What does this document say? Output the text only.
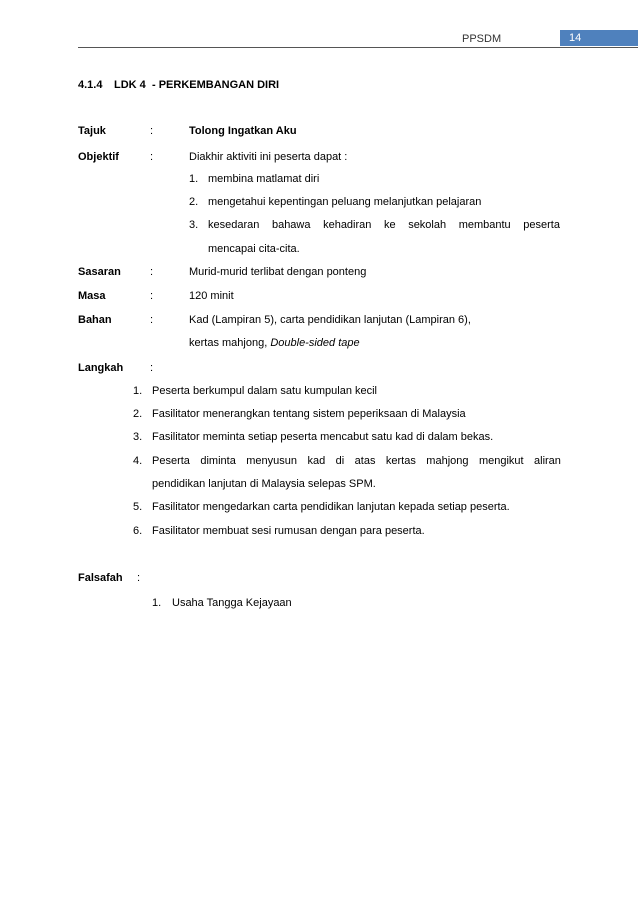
PPSDM	14
4.1.4 LDK 4 - PERKEMBANGAN DIRI
Tajuk	:	Tolong Ingatkan Aku
Objektif	:	Diakhir aktiviti ini peserta dapat :
1. membina matlamat diri
2. mengetahui kepentingan peluang melanjutkan pelajaran
3. kesedaran bahawa kehadiran ke sekolah membantu peserta
mencapai cita-cita.
Sasaran	:	Murid-murid terlibat dengan ponteng
Masa	:	120 minit
Bahan	:	Kad (Lampiran 5), carta pendidikan lanjutan (Lampiran 6),
kertas mahjong, Double-sided tape
Langkah :
1. Peserta berkumpul dalam satu kumpulan kecil
2. Fasilitator menerangkan tentang sistem peperiksaan di Malaysia
3. Fasilitator meminta setiap peserta mencabut satu kad di dalam bekas.
4. Peserta diminta menyusun kad di atas kertas mahjong mengikut aliran
pendidikan lanjutan di Malaysia selepas SPM.
5. Fasilitator mengedarkan carta pendidikan lanjutan kepada setiap peserta.
6. Fasilitator membuat sesi rumusan dengan para peserta.
Falsafah :
1. Usaha Tangga Kejayaan
